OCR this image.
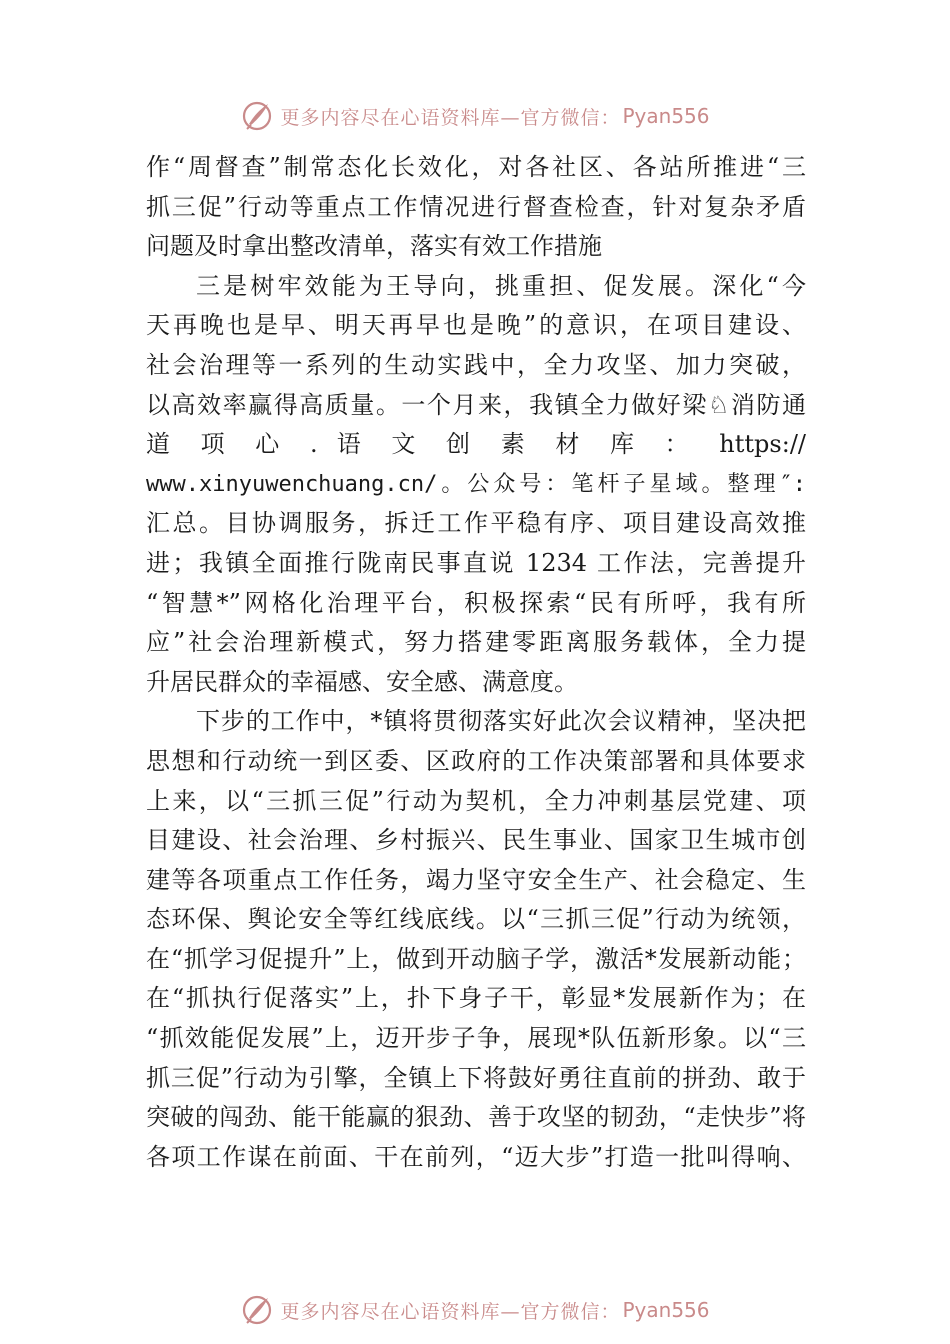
更多内容尽在心语资料库—官方微信： Pyan556
作“周督查”制常态化长效化，对各社区、各站所推进“三
抓三促”行动等重点工作情况进行督查检查，针对复杂矛盾
问题及时拿出整改清单，落实有效工作措施
三是树牢效能为王导向，挑重担、促发展。深化“今
天再晚也是早、明天再早也是晚”的意识，在项目建设、
社会治理等一系列的生动实践中，全力攻坚、加力突破，
以高效率赢得高质量。一个月来，我镇全力做好梁♘消防通
道 项 心 . 语 文 创 素 材 库 ： https://
www.xinyuwenchuang.cn/。公众号：笔杆子星域。整理″:
汇总。目协调服务，拆迁工作平稳有序、项目建设高效推
进；我镇全面推行陇南民事直说 1234 工作法，完善提升
“智慧*”网格化治理平台，积极探索“民有所呼，我有所
应”社会治理新模式，努力搭建零距离服务载体，全力提
升居民群众的幸福感、安全感、满意度。
下步的工作中，*镇将贯彻落实好此次会议精神，坚决把
思想和行动统一到区委、区政府的工作决策部署和具体要求
上来，以“三抓三促”行动为契机，全力冲刺基层党建、项
目建设、社会治理、乡村振兴、民生事业、国家卫生城市创
建等各项重点工作任务，竭力坚守安全生产、社会稳定、生
态环保、舆论安全等红线底线。以“三抓三促”行动为统领，
在“抓学习促提升”上，做到开动脑子学，激活*发展新动能；
在“抓执行促落实”上，扑下身子干，彰显*发展新作为；在
“抓效能促发展”上，迈开步子争，展现*队伍新形象。以“三
抓三促”行动为引擎，全镇上下将鼓好勇往直前的拼劲、敢于
突破的闯劲、能干能赢的狠劲、善于攻坚的韧劲，“走快步”将
各项工作谋在前面、干在前列，“迈大步”打造一批叫得响、
更多内容尽在心语资料库—官方微信： Pyan556
